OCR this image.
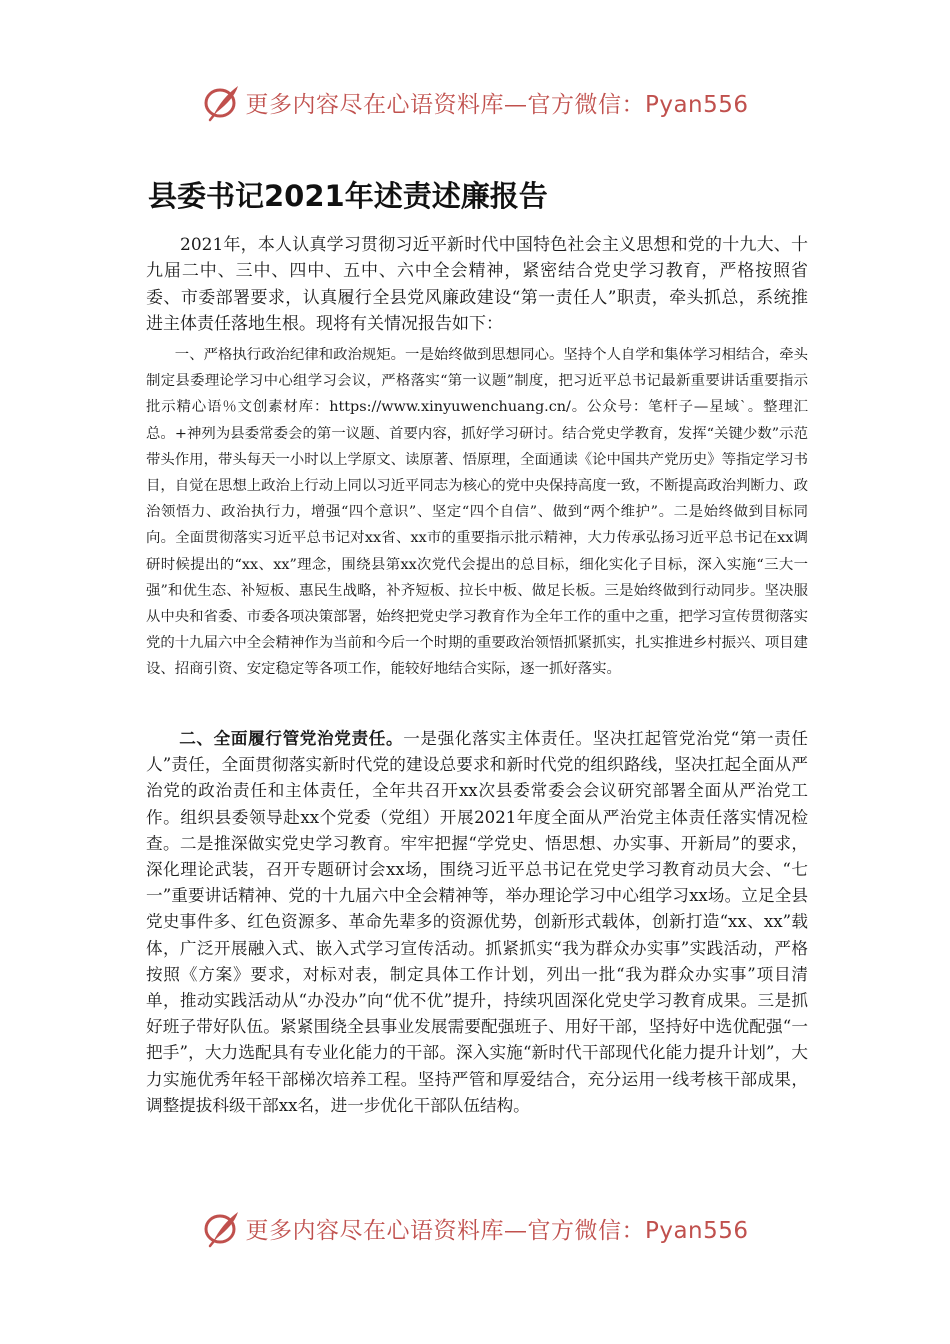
更多内容尽在心语资料库—官方微信：Pyan556
县委书记2021年述责述廉报告

2021年，本人认真学习贯彻习近平新时代中国特色社会主义思想和党的十九大、十九届二中、三中、四中、五中、六中全会精神，紧密结合党史学习教育，严格按照省委、市委部署要求，认真履行全县党风廉政建设“第一责任人”职责，牵头抓总，系统推进主体责任落地生根。现将有关情况报告如下：

一、严格执行政治纪律和政治规矩。一是始终做到思想同心。坚持个人自学和集体学习相结合，牵头制定县委理论学习中心组学习会议，严格落实“第一议题”制度，把习近平总书记最新重要讲话重要指示批示精心语％文创素材库：https://www.xinyuwenchuang.cn/。公众号：笔杆子—星域`。整理汇总。+神列为县委常委会的第一议题、首要内容，抓好学习研讨。结合党史学教育，发挥“关键少数”示范带头作用，带头每天一小时以上学原文、读原著、悟原理，全面通读《论中国共产党历史》等指定学习书目，自觉在思想上政治上行动上同以习近平同志为核心的党中央保持高度一致，不断提高政治判断力、政治领悟力、政治执行力，增强“四个意识”、坚定“四个自信”、做到“两个维护”。二是始终做到目标同向。全面贯彻落实习近平总书记对xx省、xx市的重要指示批示精神，大力传承弘扬习近平总书记在xx调研时候提出的“xx、xx”理念，围绕县第xx次党代会提出的总目标，细化实化子目标，深入实施“三大一强”和优生态、补短板、惠民生战略，补齐短板、拉长中板、做足长板。三是始终做到行动同步。坚决服从中央和省委、市委各项决策部署，始终把党史学习教育作为全年工作的重中之重，把学习宣传贯彻落实党的十九届六中全会精神作为当前和今后一个时期的重要政治领悟抓紧抓实，扎实推进乡村振兴、项目建设、招商引资、安定稳定等各项工作，能较好地结合实际，逐一抓好落实。

二、全面履行管党治党责任。一是强化落实主体责任。坚决扛起管党治党“第一责任人”责任，全面贯彻落实新时代党的建设总要求和新时代党的组织路线，坚决扛起全面从严治党的政治责任和主体责任，全年共召开xx次县委常委会会议研究部署全面从严治党工作。组织县委领导赴xx个党委（党组）开展2021年度全面从严治党主体责任落实情况检查。二是推深做实党史学习教育。牢牢把握“学党史、悟思想、办实事、开新局”的要求，深化理论武装，召开专题研讨会xx场，围绕习近平总书记在党史学习教育动员大会、“七一”重要讲话精神、党的十九届六中全会精神等，举办理论学习中心组学习xx场。立足全县党史事件多、红色资源多、革命先辈多的资源优势，创新形式载体，创新打造“xx、xx”载体，广泛开展融入式、嵌入式学习宣传活动。抓紧抓实“我为群众办实事”实践活动，严格按照《方案》要求，对标对表，制定具体工作计划，列出一批“我为群众办实事”项目清单，推动实践活动从“办没办”向“优不优”提升，持续巩固深化党史学习教育成果。三是抓好班子带好队伍。紧紧围绕全县事业发展需要配强班子、用好干部，坚持好中选优配强“一把手”，大力选配具有专业化能力的干部。深入实施“新时代干部现代化能力提升计划”，大力实施优秀年轻干部梯次培养工程。坚持严管和厚爱结合，充分运用一线考核干部成果，调整提拔科级干部xx名，进一步优化干部队伍结构。

更多内容尽在心语资料库—官方微信：Pyan556
